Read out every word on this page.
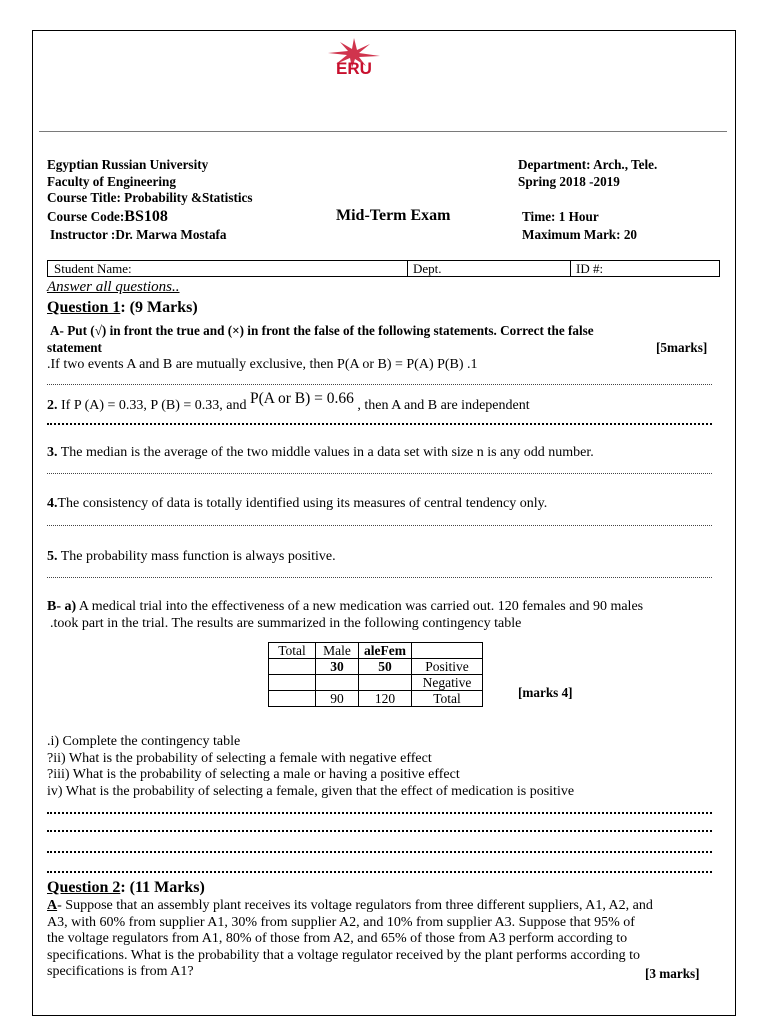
ERU
Egyptian Russian University
Faculty of Engineering
Course Title: Probability &Statistics
Course Code:BS108
Instructor :Dr. Marwa Mostafa
Mid-Term Exam
Department: Arch., Tele.
Spring 2018 -2019
Time: 1 Hour
Maximum Mark: 20
Student Name:	Dept.	ID #:
Answer all questions..
Question 1: (9 Marks)
A- Put (√) in front the true and (×) in front the false of the following statements. Correct the false
statement	[5marks]
.If two events A and B are mutually exclusive, then P(A or B) = P(A) P(B) .1
2. If P (A) = 0.33, P (B) = 0.33, and P(A or B) = 0.66 , then A and B are independent
3. The median is the average of the two middle values in a data set with size n is any odd number.
4.The consistency of data is totally identified using its measures of central tendency only.
5. The probability mass function is always positive.
B- a) A medical trial into the effectiveness of a new medication was carried out. 120 females and 90 males
.took part in the trial. The results are summarized in the following contingency table
Total	Male	aleFem	
	30	50	Positive
			Negative
	90	120	Total	[marks 4]
.i) Complete the contingency table
?ii) What is the probability of selecting a female with negative effect
?iii) What is the probability of selecting a male or having a positive effect
iv) What is the probability of selecting a female, given that the effect of medication is positive
Question 2: (11 Marks)
A- Suppose that an assembly plant receives its voltage regulators from three different suppliers, A1, A2, and
A3, with 60% from supplier A1, 30% from supplier A2, and 10% from supplier A3. Suppose that 95% of
the voltage regulators from A1, 80% of those from A2, and 65% of those from A3 perform according to
specifications. What is the probability that a voltage regulator received by the plant performs according to
specifications is from A1?	[3 marks]
